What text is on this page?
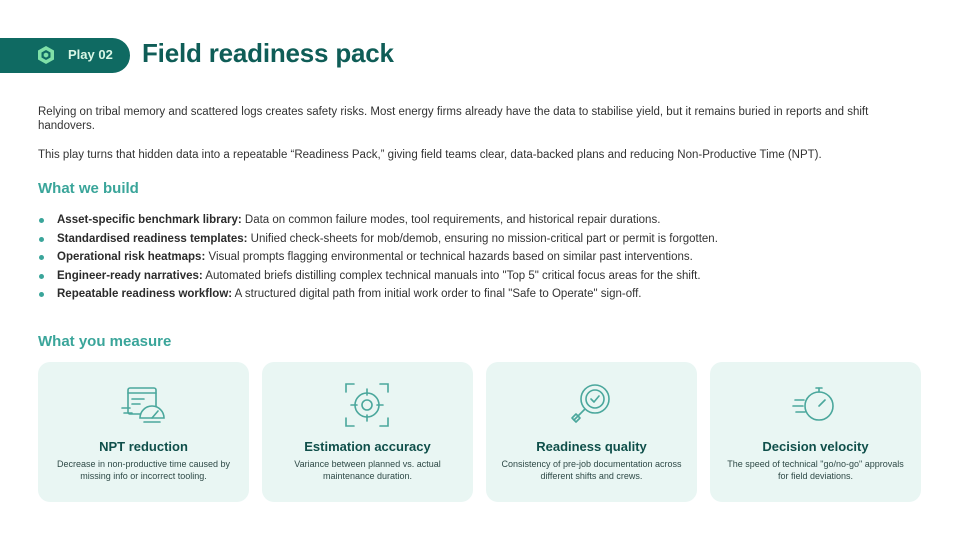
Play 02 Field readiness pack

Relying on tribal memory and scattered logs creates safety risks. Most energy firms already have the data to stabilise yield, but it remains buried in reports and shift handovers.

This play turns that hidden data into a repeatable “Readiness Pack,” giving field teams clear, data-backed plans and reducing Non-Productive Time (NPT).

What we build
Asset-specific benchmark library: Data on common failure modes, tool requirements, and historical repair durations.
Standardised readiness templates: Unified check-sheets for mob/demob, ensuring no mission-critical part or permit is forgotten.
Operational risk heatmaps: Visual prompts flagging environmental or technical hazards based on similar past interventions.
Engineer-ready narratives: Automated briefs distilling complex technical manuals into "Top 5" critical focus areas for the shift.
Repeatable readiness workflow: A structured digital path from initial work order to final "Safe to Operate" sign-off.
What you measure
NPT reduction
Decrease in non-productive time caused by missing info or incorrect tooling.
Estimation accuracy
Variance between planned vs. actual maintenance duration.
Readiness quality
Consistency of pre-job documentation across different shifts and crews.
Decision velocity
The speed of technical "go/no-go" approvals for field deviations.
